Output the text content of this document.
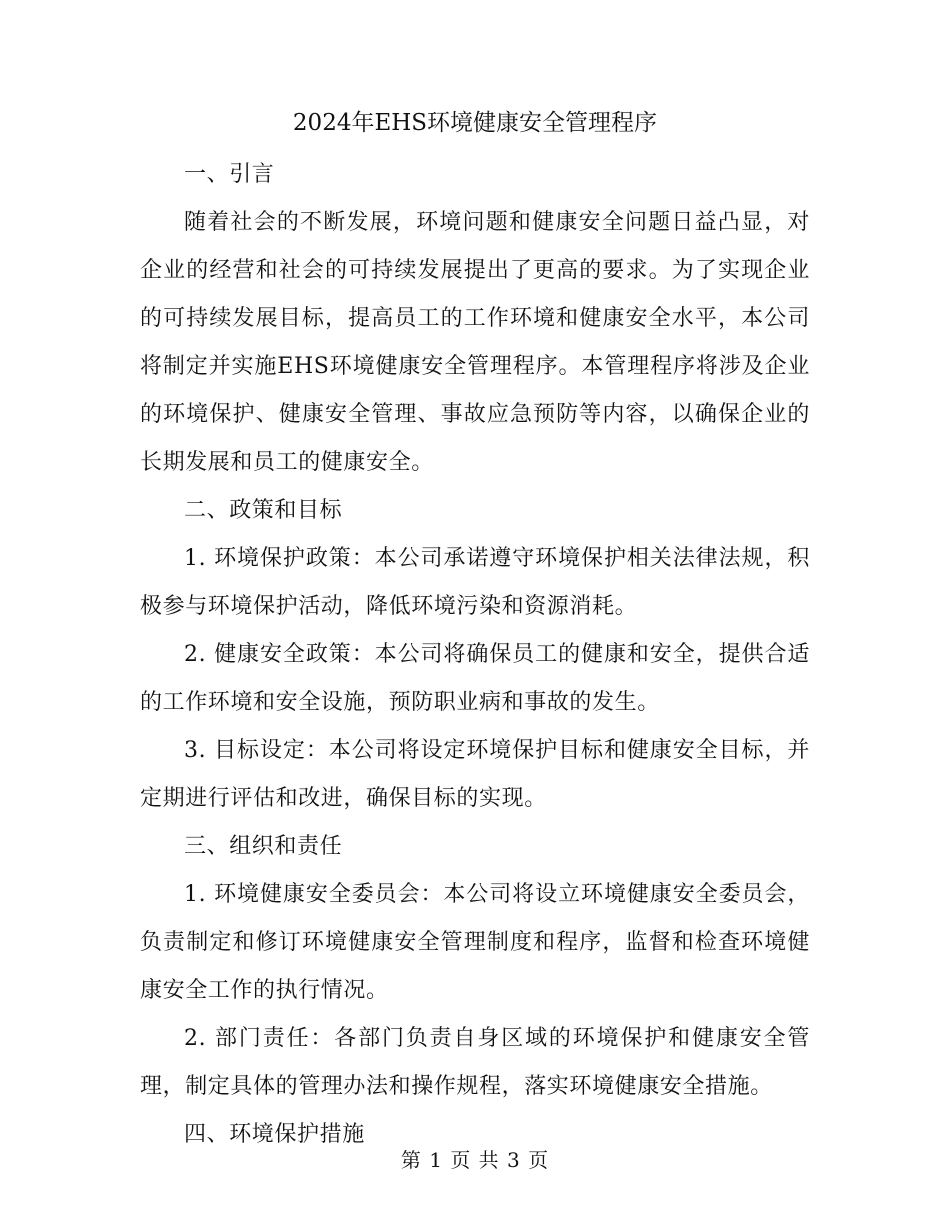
2024年EHS环境健康安全管理程序

一、引言

随着社会的不断发展，环境问题和健康安全问题日益凸显，对企业的经营和社会的可持续发展提出了更高的要求。为了实现企业的可持续发展目标，提高员工的工作环境和健康安全水平，本公司将制定并实施EHS环境健康安全管理程序。本管理程序将涉及企业的环境保护、健康安全管理、事故应急预防等内容，以确保企业的长期发展和员工的健康安全。

二、政策和目标

1. 环境保护政策：本公司承诺遵守环境保护相关法律法规，积极参与环境保护活动，降低环境污染和资源消耗。

2. 健康安全政策：本公司将确保员工的健康和安全，提供合适的工作环境和安全设施，预防职业病和事故的发生。

3. 目标设定：本公司将设定环境保护目标和健康安全目标，并定期进行评估和改进，确保目标的实现。

三、组织和责任

1. 环境健康安全委员会：本公司将设立环境健康安全委员会，负责制定和修订环境健康安全管理制度和程序，监督和检查环境健康安全工作的执行情况。

2. 部门责任：各部门负责自身区域的环境保护和健康安全管理，制定具体的管理办法和操作规程，落实环境健康安全措施。

四、环境保护措施

第 1 页 共 3 页
